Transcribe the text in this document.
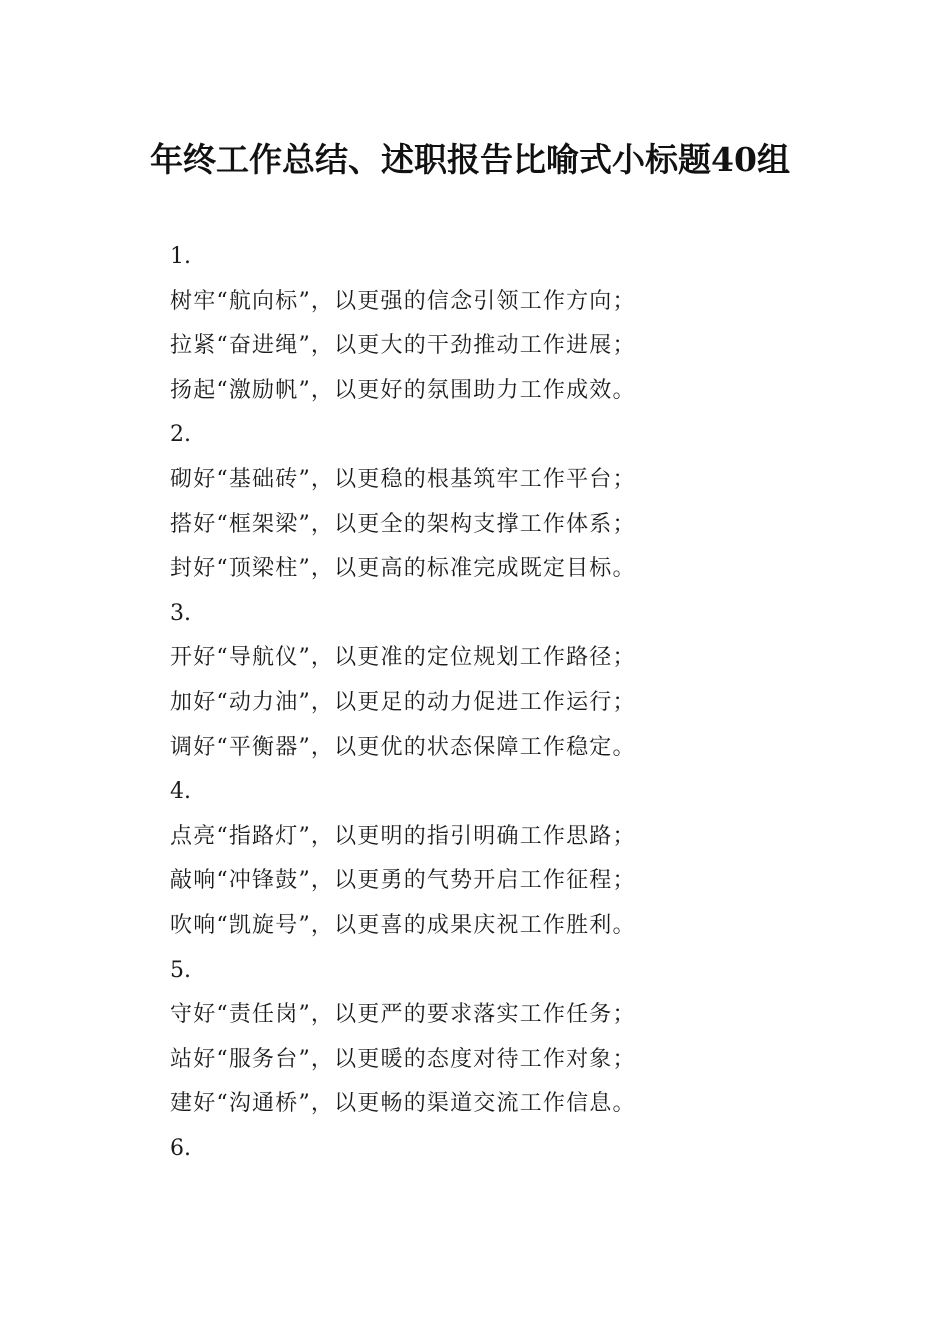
年终工作总结、述职报告比喻式小标题40组
1.
树牢“航向标”，以更强的信念引领工作方向；
拉紧“奋进绳”，以更大的干劲推动工作进展；
扬起“激励帆”，以更好的氛围助力工作成效。
2.
砌好“基础砖”，以更稳的根基筑牢工作平台；
搭好“框架梁”，以更全的架构支撑工作体系；
封好“顶梁柱”，以更高的标准完成既定目标。
3.
开好“导航仪”，以更准的定位规划工作路径；
加好“动力油”，以更足的动力促进工作运行；
调好“平衡器”，以更优的状态保障工作稳定。
4.
点亮“指路灯”，以更明的指引明确工作思路；
敲响“冲锋鼓”，以更勇的气势开启工作征程；
吹响“凯旋号”，以更喜的成果庆祝工作胜利。
5.
守好“责任岗”，以更严的要求落实工作任务；
站好“服务台”，以更暖的态度对待工作对象；
建好“沟通桥”，以更畅的渠道交流工作信息。
6.
